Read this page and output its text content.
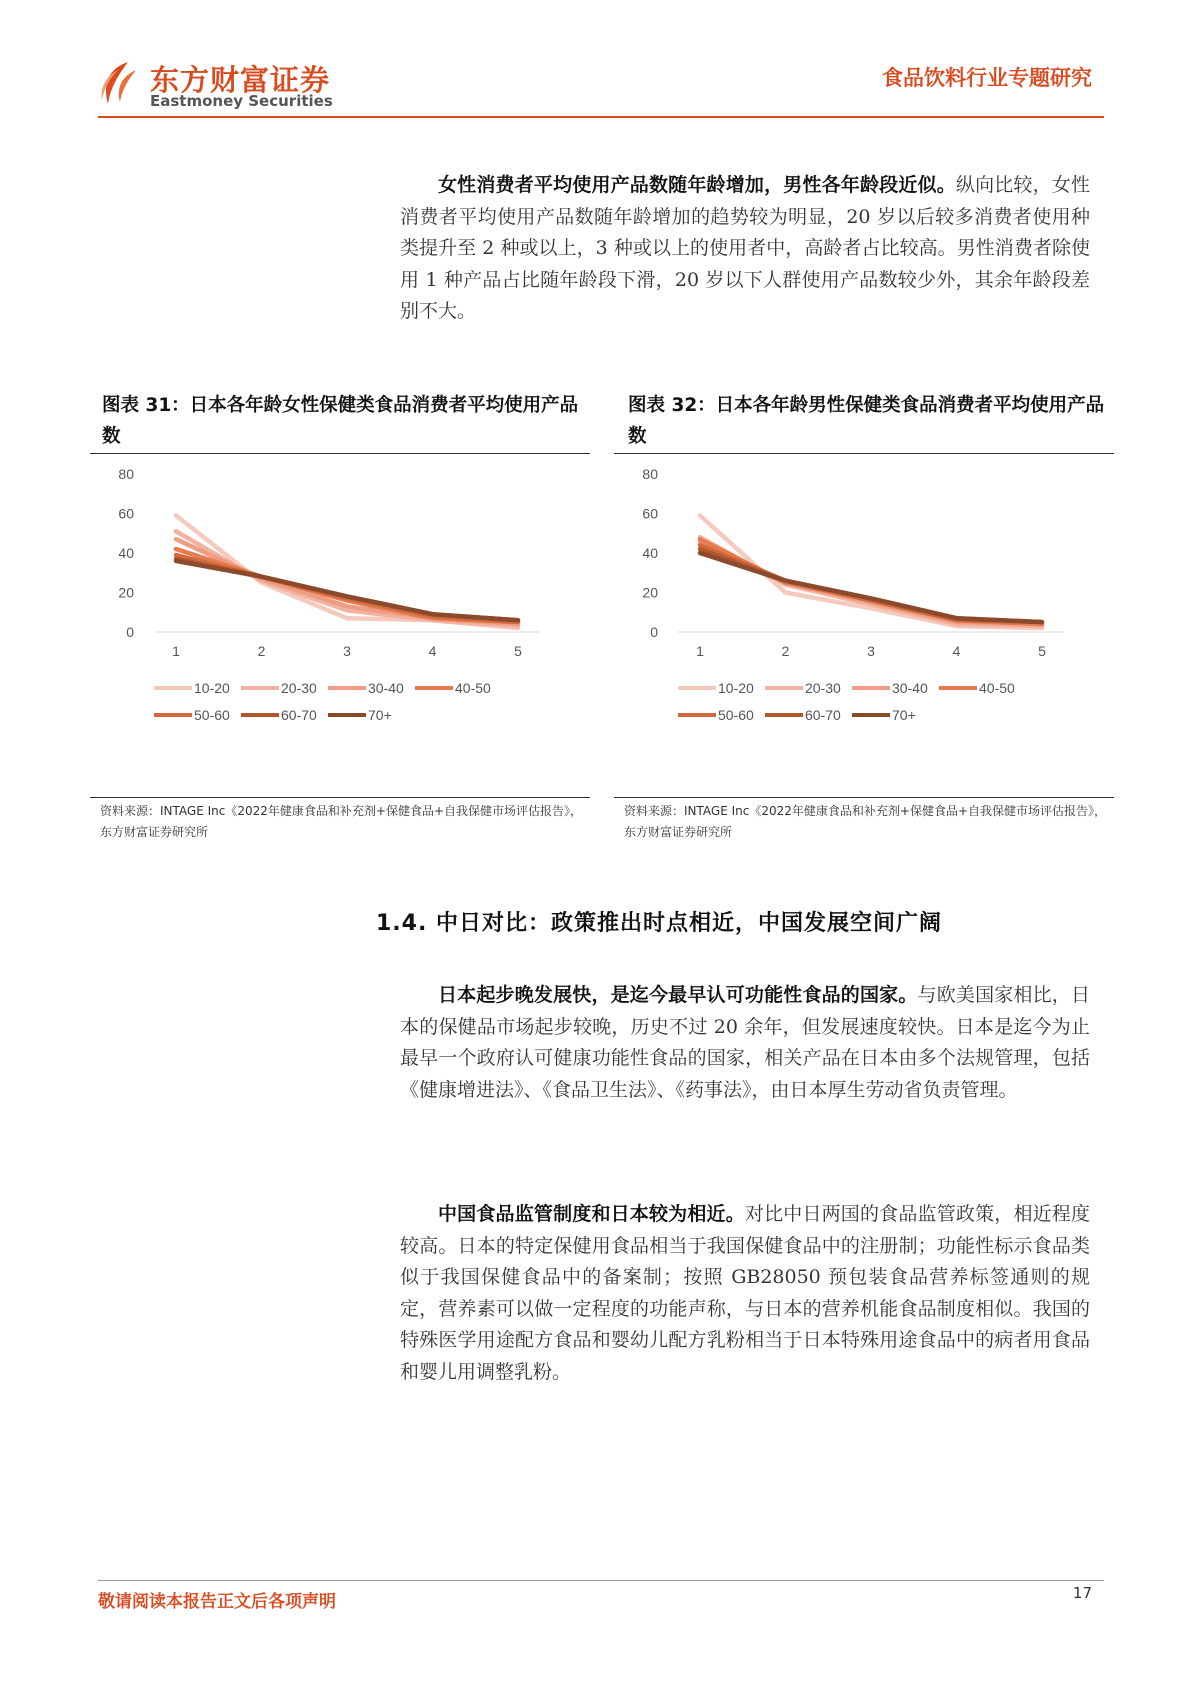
东方财富证券
Eastmoney Securities
食品饮料行业专题研究
女性消费者平均使用产品数随年龄增加，男性各年龄段近似。纵向比较，女性消费者平均使用产品数随年龄增加的趋势较为明显，20 岁以后较多消费者使用种类提升至 2 种或以上，3 种或以上的使用者中，高龄者占比较高。男性消费者除使用 1 种产品占比随年龄段下滑，20 岁以下人群使用产品数较少外，其余年龄段差别不大。
图表 31：日本各年龄女性保健类食品消费者平均使用产品数
0
20
40
60
80
1	2	3	4	5
10-20	20-30	30-40	40-50
50-60	60-70	70+
资料来源：INTAGE Inc《2022年健康食品和补充剂+保健食品+自我保健市场评估报告》，东方财富证券研究所
图表 32：日本各年龄男性保健类食品消费者平均使用产品数
0
20
40
60
80
1	2	3	4	5
10-20	20-30	30-40	40-50
50-60	60-70	70+
资料来源：INTAGE Inc《2022年健康食品和补充剂+保健食品+自我保健市场评估报告》，东方财富证券研究所
1.4. 中日对比：政策推出时点相近，中国发展空间广阔
日本起步晚发展快，是迄今最早认可功能性食品的国家。与欧美国家相比，日本的保健品市场起步较晚，历史不过 20 余年，但发展速度较快。日本是迄今为止最早一个政府认可健康功能性食品的国家，相关产品在日本由多个法规管理，包括《健康增进法》、《食品卫生法》、《药事法》，由日本厚生劳动省负责管理。
中国食品监管制度和日本较为相近。对比中日两国的食品监管政策，相近程度较高。日本的特定保健用食品相当于我国保健食品中的注册制；功能性标示食品类似于我国保健食品中的备案制；按照 GB28050 预包装食品营养标签通则的规定，营养素可以做一定程度的功能声称，与日本的营养机能食品制度相似。我国的特殊医学用途配方食品和婴幼儿配方乳粉相当于日本特殊用途食品中的病者用食品和婴儿用调整乳粉。
敬请阅读本报告正文后各项声明	17
